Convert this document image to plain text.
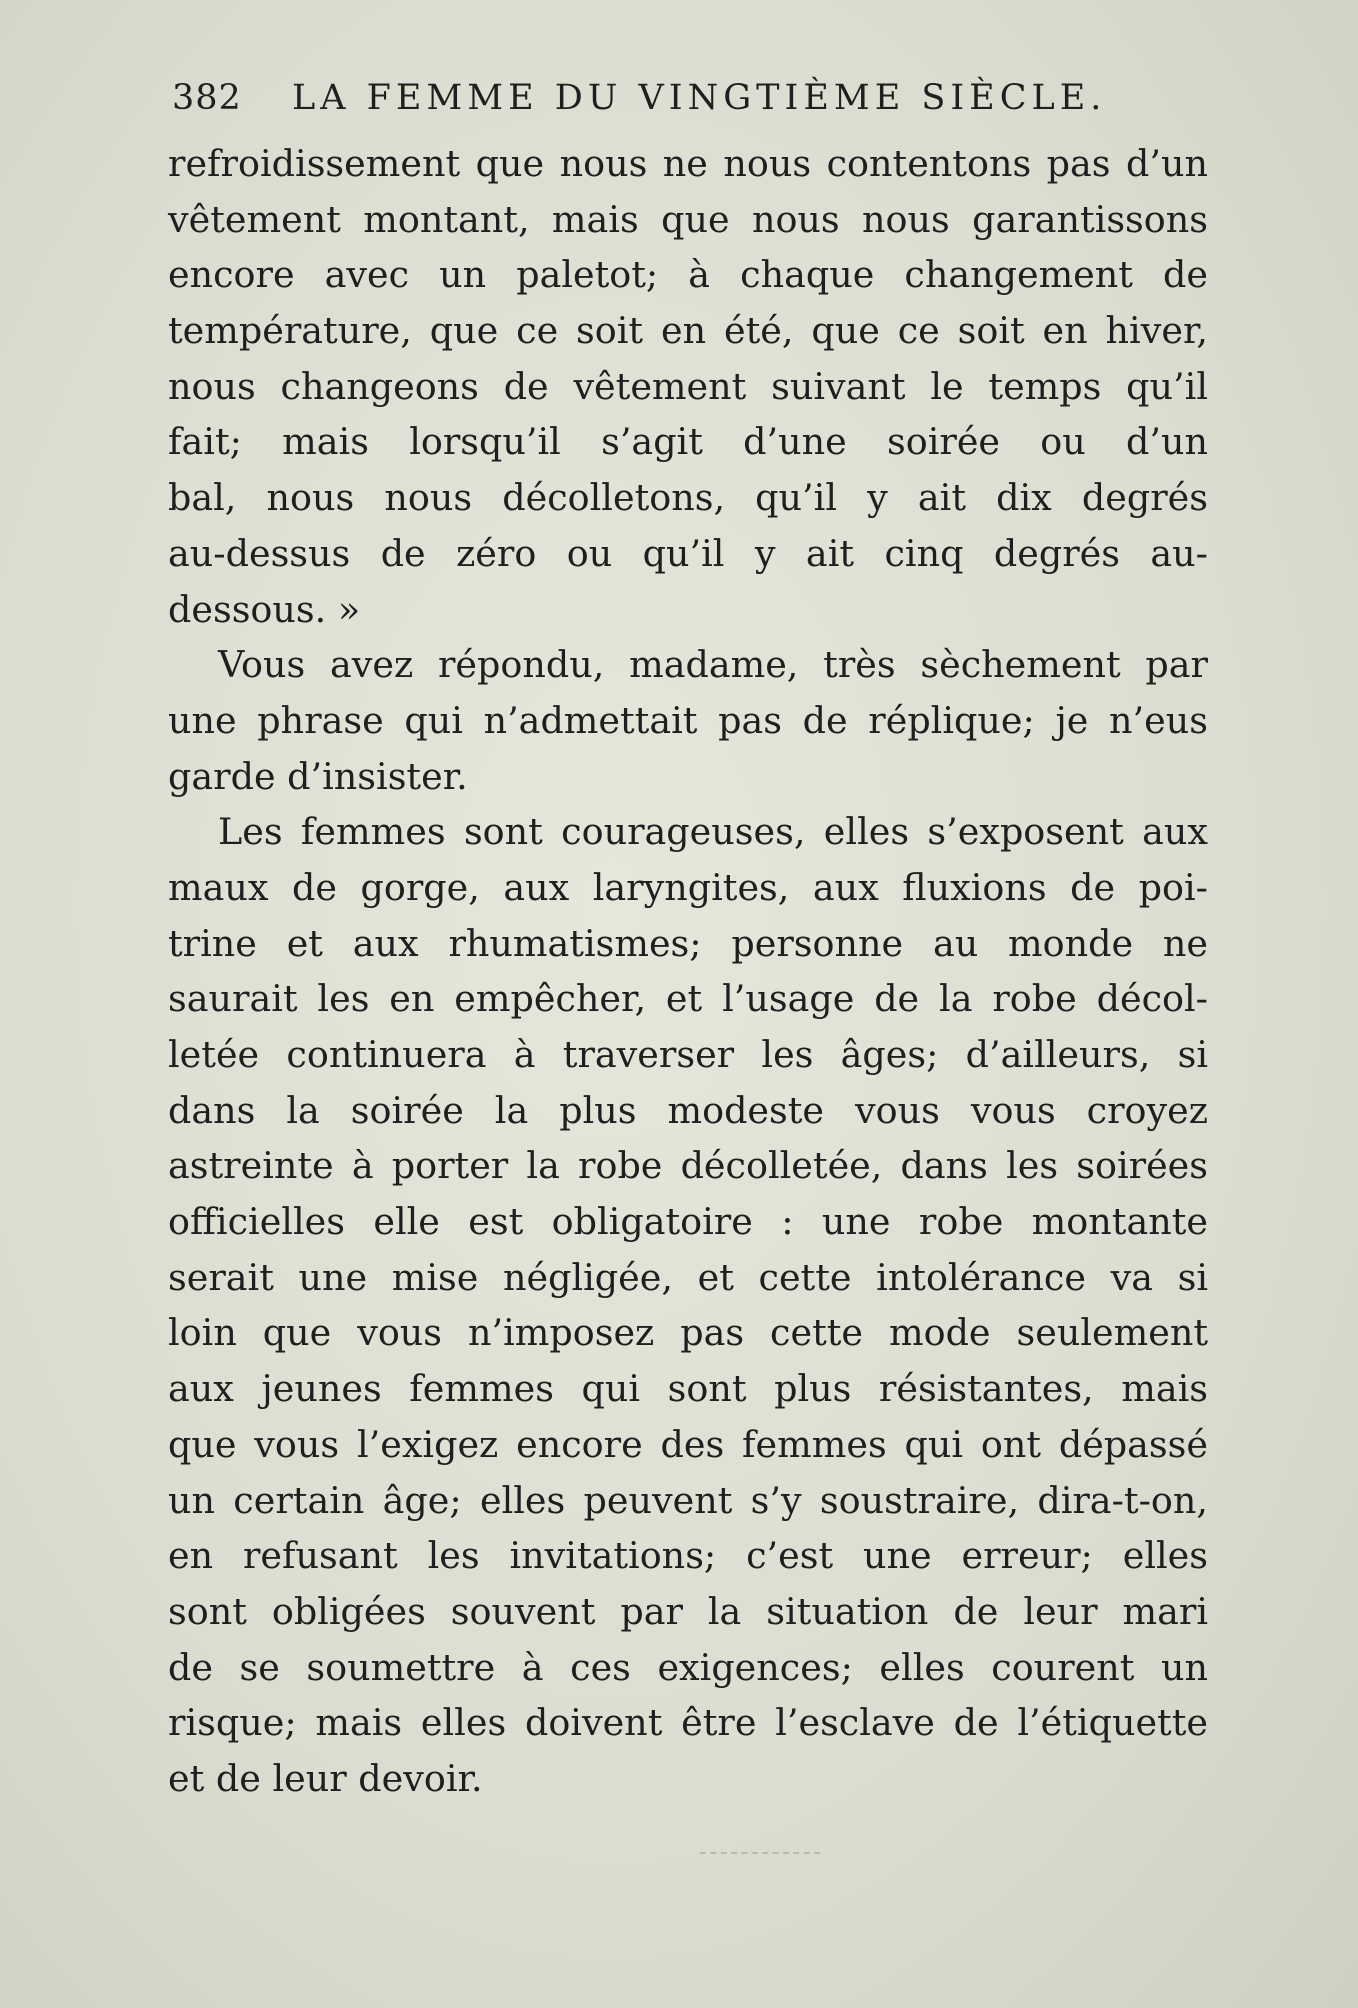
382 LA FEMME DU VINGTIÈME SIÈCLE.
refroidissement que nous ne nous contentons pas d’un
vêtement montant, mais que nous nous garantissons
encore avec un paletot; à chaque changement de
température, que ce soit en été, que ce soit en hiver,
nous changeons de vêtement suivant le temps qu’il
fait; mais lorsqu’il s’agit d’une soirée ou d’un
bal, nous nous décolletons, qu’il y ait dix degrés
au-dessus de zéro ou qu’il y ait cinq degrés au-
dessous. »
Vous avez répondu, madame, très sèchement par
une phrase qui n’admettait pas de réplique; je n’eus
garde d’insister.
Les femmes sont courageuses, elles s’exposent aux
maux de gorge, aux laryngites, aux fluxions de poi-
trine et aux rhumatismes; personne au monde ne
saurait les en empêcher, et l’usage de la robe décol-
letée continuera à traverser les âges; d’ailleurs, si
dans la soirée la plus modeste vous vous croyez
astreinte à porter la robe décolletée, dans les soirées
officielles elle est obligatoire : une robe montante
serait une mise négligée, et cette intolérance va si
loin que vous n’imposez pas cette mode seulement
aux jeunes femmes qui sont plus résistantes, mais
que vous l’exigez encore des femmes qui ont dépassé
un certain âge; elles peuvent s’y soustraire, dira-t-on,
en refusant les invitations; c’est une erreur; elles
sont obligées souvent par la situation de leur mari
de se soumettre à ces exigences; elles courent un
risque; mais elles doivent être l’esclave de l’étiquette
et de leur devoir.
